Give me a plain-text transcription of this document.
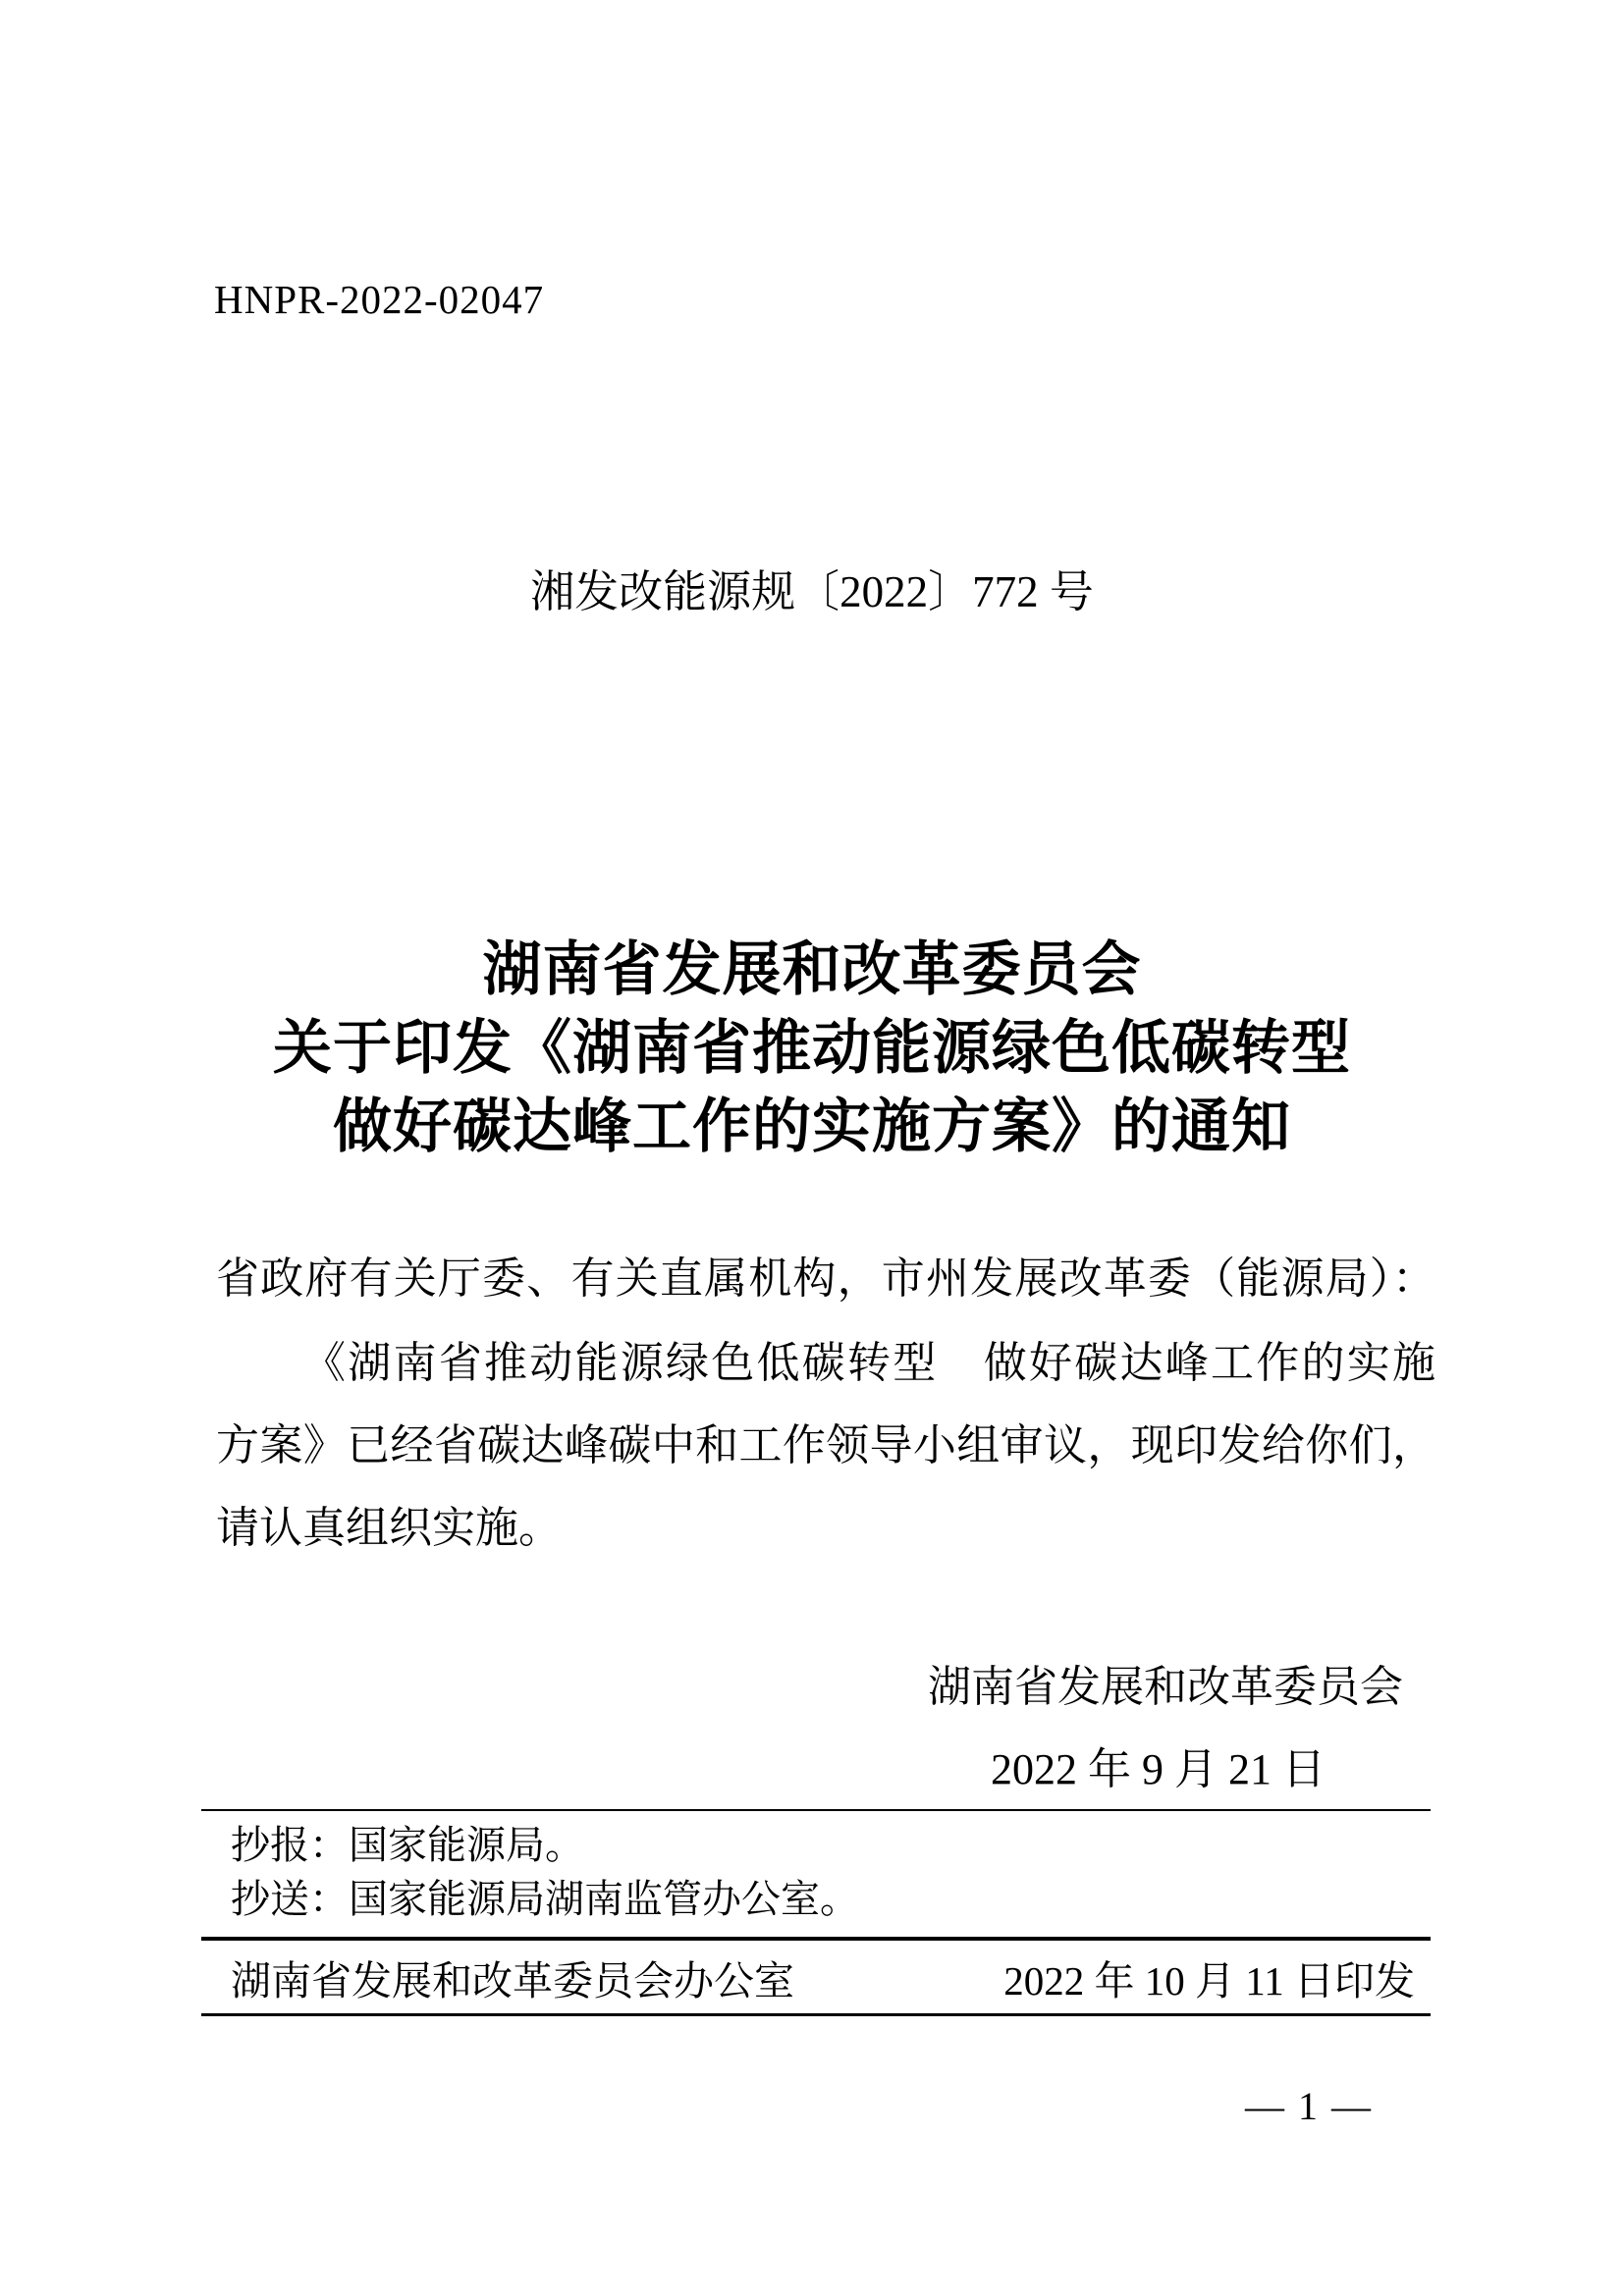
HNPR-2022-02047
湘发改能源规〔2022〕772 号
湖南省发展和改革委员会
关于印发《湖南省推动能源绿色低碳转型
做好碳达峰工作的实施方案》的通知
省政府有关厅委、有关直属机构，市州发展改革委（能源局）：
《湖南省推动能源绿色低碳转型　做好碳达峰工作的实施
方案》已经省碳达峰碳中和工作领导小组审议，现印发给你们，
请认真组织实施。
湖南省发展和改革委员会
2022 年 9 月 21 日
抄报：国家能源局。
抄送：国家能源局湖南监管办公室。
湖南省发展和改革委员会办公室	2022 年 10 月 11 日印发
— 1 —
